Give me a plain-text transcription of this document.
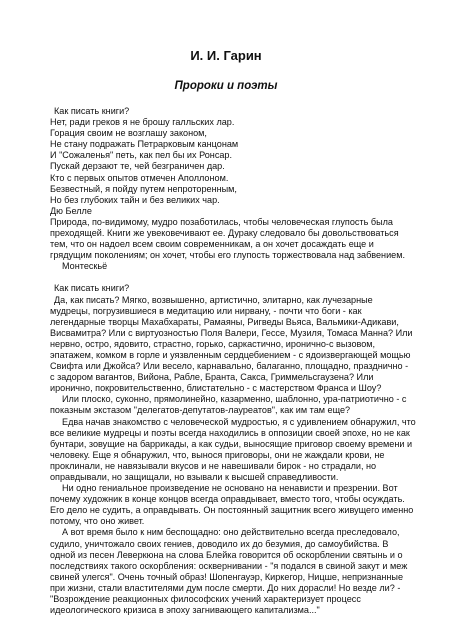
И. И. Гарин
Пророки и поэты
Как писать книги?
Нет, ради греков я не брошу галльских лар.
Горация своим не возглашу законом,
Не стану подражать Петрарковым канцонам
И "Сожаленья" петь, как пел бы их Ронсар.
Пускай дерзают те, чей безграничен дар.
Кто с первых опытов отмечен Аполлоном.
Безвестный, я пойду путем непротоpенным,
Но без глубоких тайн и без великих чар.
Дю Белле
Природа, по-видимому, мудро позаботилась, чтобы человеческая глупость была
преходящей. Книги же увековечивают ее. Дураку следовало бы довольствоваться
тем, что он надоел всем своим современникам, а он хочет досаждать еще и
грядущим поколениям; он хочет, чтобы его глупость торжествовала над забвением.
Монтескьё
Как писать книги?
Да, как писать? Мягко, возвышенно, артистично, элитарно, как лучезарные
мудрецы, погрузившиеся в медитацию или нирвану, - почти что боги - как
легендарные творцы Махабхараты, Рамаяны, Ригведы Вьяса, Вальмики-Адикави,
Висвамитра? Или с виртуозностью Поля Валери, Гессе, Музиля, Томаса Манна? Или
нервно, остро, ядовито, страстно, горько, саркастично, иронично-с вызовом,
эпатажем, комком в горле и уязвленным сердцебиением - с ядоизвергающей мощью
Свифта или Джойса? Или весело, карнавально, балаганно, площадно, празднично -
с задором вагантов, Вийона, Рабле, Бранта, Сакса, Гриммельсгаузена? Или
иронично, покровительственно, блистательно - с мастерством Франса и Шоу?
Или плоско, суконно, прямолинейно, казарменно, шаблонно, ура-патриотично - с
показным экстазом "делегатов-депутатов-лауреатов", как им там еще?
Едва начав знакомство с человеческой мудростью, я с удивлением обнаружил, что
все великие мудрецы и поэты всегда находились в оппозиции своей эпохе, но не как
бунтари, зовущие на баррикады, а как судьи, выносящие приговор своему времени и
человеку. Еще я обнаружил, что, вынося приговоры, они не жаждали крови, не
проклинали, не навязывали вкусов и не навешивали бирок - но страдали, но
оправдывали, но защищали, но взывали к высшей справедливости.
Ни одно гениальное произведение не основано на ненависти и презрении. Вот
почему художник в конце концов всегда оправдывает, вместо того, чтобы осуждать.
Его дело не судить, а оправдывать. Он постоянный защитник всего живущего именно
потому, что оно живет.
А вот время было к ним беспощадно: оно действительно всегда преследовало,
судило, уничтожало своих гениев, доводило их до безумия, до самоубийства. В
одной из песен Леверкюна на слова Блейка говорится об оскорблении святынь и о
последствиях такого оскорбления: осквернивании - "я подался в свиной закут и меж
свиней улегся". Очень точный образ! Шопенгауэр, Киркегор, Ницше, непризнанные
при жизни, стали властителями дум после смерти. До них дорасли! Но везде ли? -
"Возрождение реакционных философских учений характеризует процесс
идеологического кризиса в эпоху загнивающего капитализма..."
